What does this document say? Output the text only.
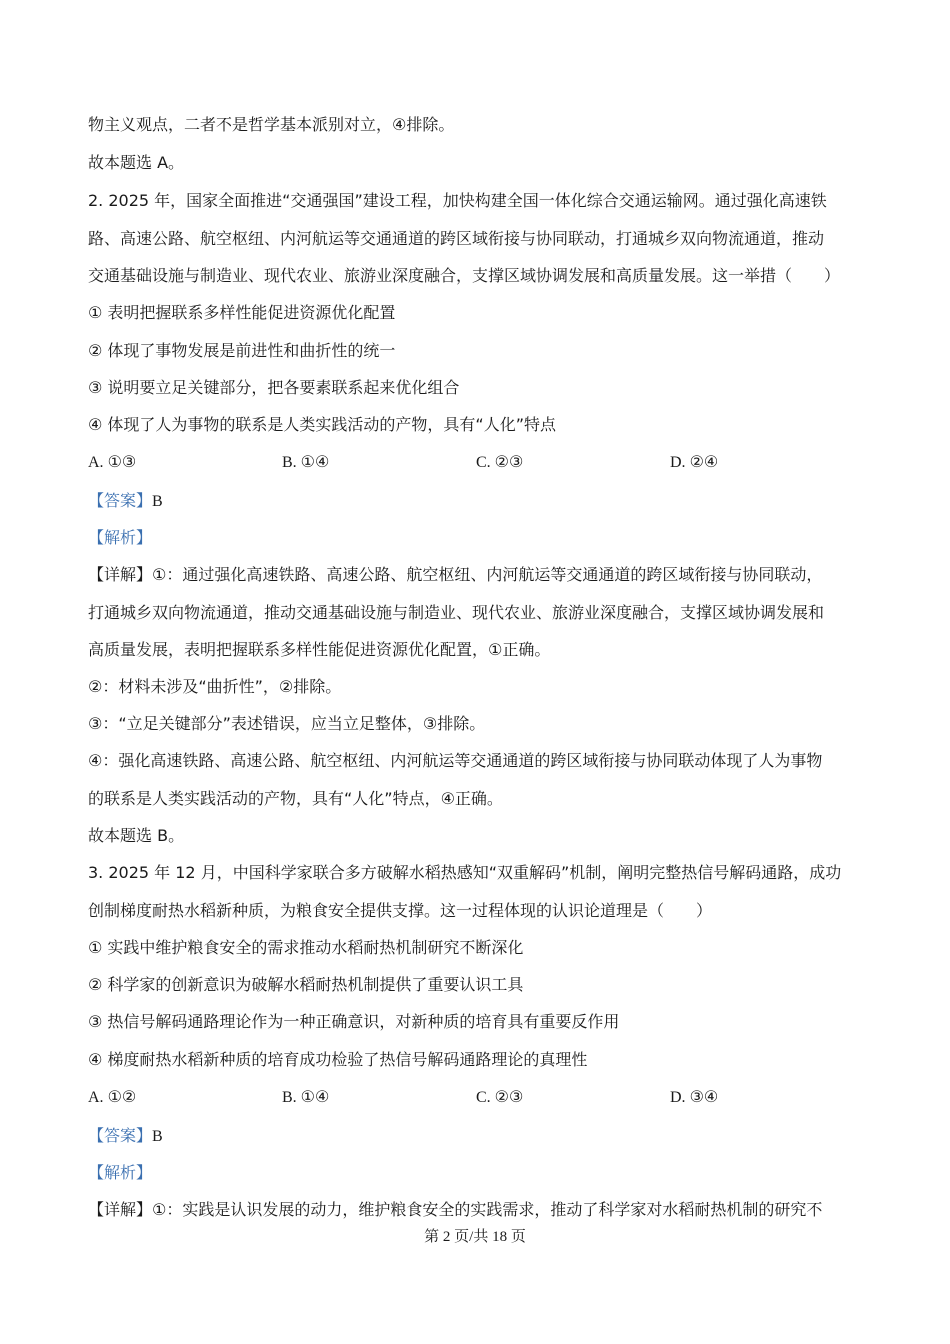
物主义观点，二者不是哲学基本派别对立，④排除。
故本题选 A。
2. 2025 年，国家全面推进“交通强国”建设工程，加快构建全国一体化综合交通运输网。通过强化高速铁
路、高速公路、航空枢纽、内河航运等交通通道的跨区域衔接与协同联动，打通城乡双向物流通道，推动
交通基础设施与制造业、现代农业、旅游业深度融合，支撑区域协调发展和高质量发展。这一举措（　　）
① 表明把握联系多样性能促进资源优化配置
② 体现了事物发展是前进性和曲折性的统一
③ 说明要立足关键部分，把各要素联系起来优化组合
④ 体现了人为事物的联系是人类实践活动的产物，具有“人化”特点
A. ①③	B. ①④	C. ②③	D. ②④
【答案】B
【解析】
【详解】①：通过强化高速铁路、高速公路、航空枢纽、内河航运等交通通道的跨区域衔接与协同联动，
打通城乡双向物流通道，推动交通基础设施与制造业、现代农业、旅游业深度融合，支撑区域协调发展和
高质量发展，表明把握联系多样性能促进资源优化配置，①正确。
②：材料未涉及“曲折性”，②排除。
③：“立足关键部分”表述错误，应当立足整体，③排除。
④：强化高速铁路、高速公路、航空枢纽、内河航运等交通通道的跨区域衔接与协同联动体现了人为事物
的联系是人类实践活动的产物，具有“人化”特点，④正确。
故本题选 B。
3. 2025 年 12 月，中国科学家联合多方破解水稻热感知“双重解码”机制，阐明完整热信号解码通路，成功
创制梯度耐热水稻新种质，为粮食安全提供支撑。这一过程体现的认识论道理是（　　）
① 实践中维护粮食安全的需求推动水稻耐热机制研究不断深化
② 科学家的创新意识为破解水稻耐热机制提供了重要认识工具
③ 热信号解码通路理论作为一种正确意识，对新种质的培育具有重要反作用
④ 梯度耐热水稻新种质的培育成功检验了热信号解码通路理论的真理性
A. ①②	B. ①④	C. ②③	D. ③④
【答案】B
【解析】
【详解】①：实践是认识发展的动力，维护粮食安全的实践需求，推动了科学家对水稻耐热机制的研究不
第 2 页/共 18 页
